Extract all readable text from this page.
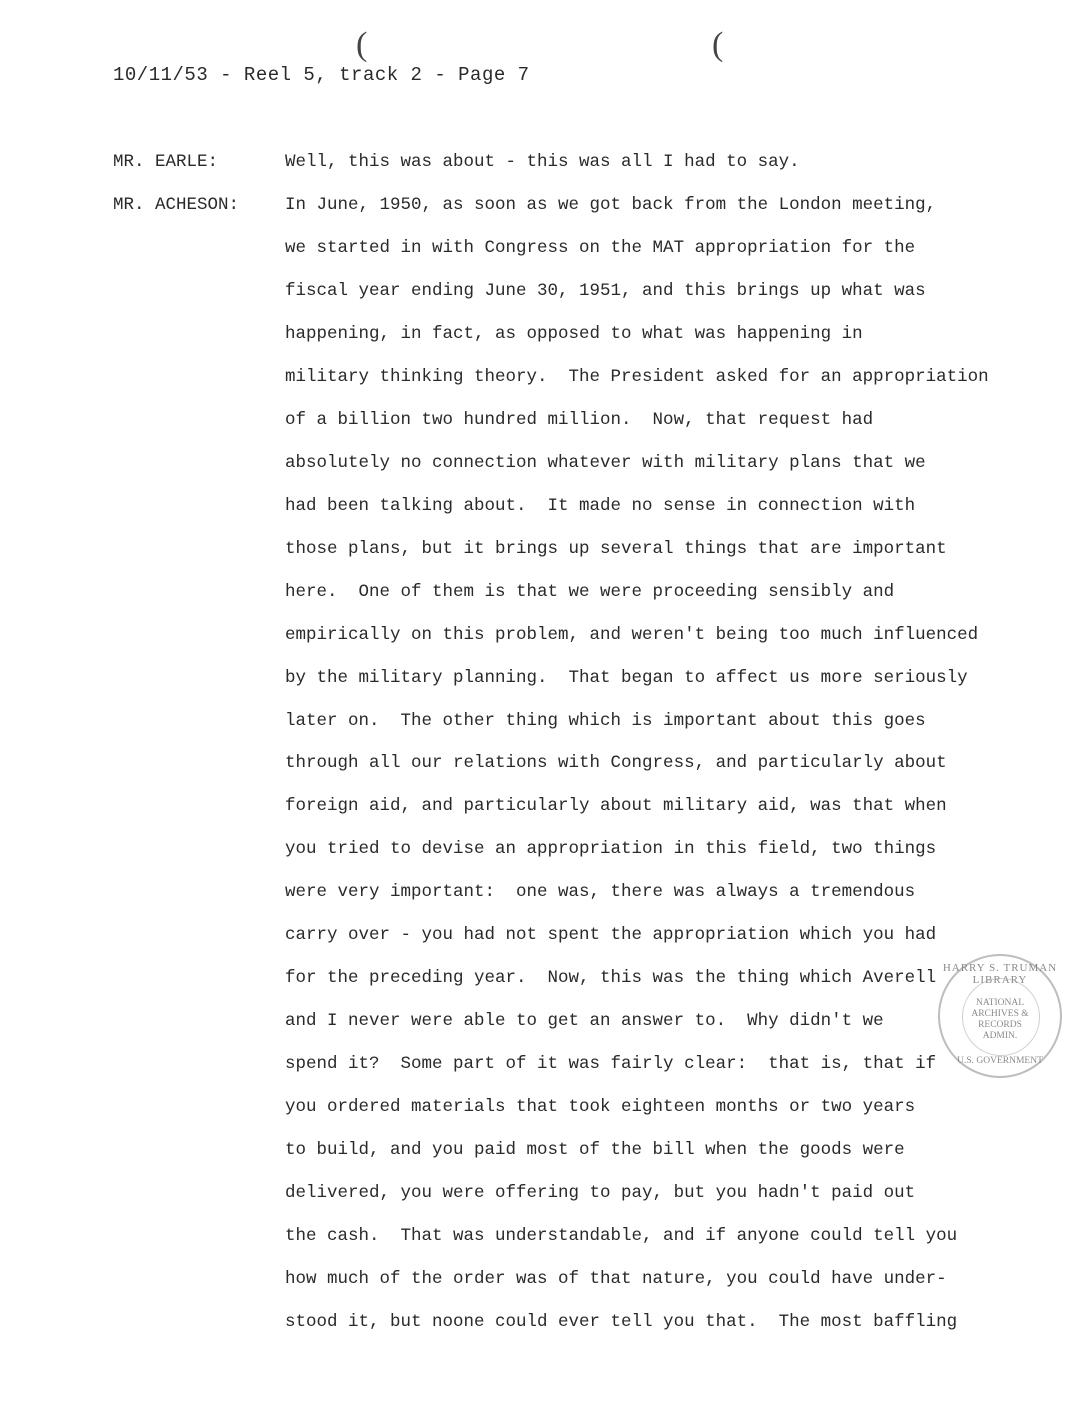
(	(
10/11/53 - Reel 5, track 2 - Page 7
MR. EARLE:	Well, this was about - this was all I had to say.
MR. ACHESON:	In June, 1950, as soon as we got back from the London meeting,
we started in with Congress on the MAT appropriation for the
fiscal year ending June 30, 1951, and this brings up what was
happening, in fact, as opposed to what was happening in
military thinking theory.  The President asked for an appropriation
of a billion two hundred million.  Now, that request had
absolutely no connection whatever with military plans that we
had been talking about.  It made no sense in connection with
those plans, but it brings up several things that are important
here.  One of them is that we were proceeding sensibly and
empirically on this problem, and weren't being too much influenced
by the military planning.  That began to affect us more seriously
later on.  The other thing which is important about this goes
through all our relations with Congress, and particularly about
foreign aid, and particularly about military aid, was that when
you tried to devise an appropriation in this field, two things
were very important:  one was, there was always a tremendous
carry over - you had not spent the appropriation which you had
for the preceding year.  Now, this was the thing which Averell
and I never were able to get an answer to.  Why didn't we
spend it?  Some part of it was fairly clear:  that is, that if
you ordered materials that took eighteen months or two years
to build, and you paid most of the bill when the goods were
delivered, you were offering to pay, but you hadn't paid out
the cash.  That was understandable, and if anyone could tell you
how much of the order was of that nature, you could have under-
stood it, but noone could ever tell you that.  The most baffling
HARRY S. TRUMAN LIBRARY
NATIONAL
ARCHIVES &
RECORDS
ADMIN.
U.S. GOVERNMENT
